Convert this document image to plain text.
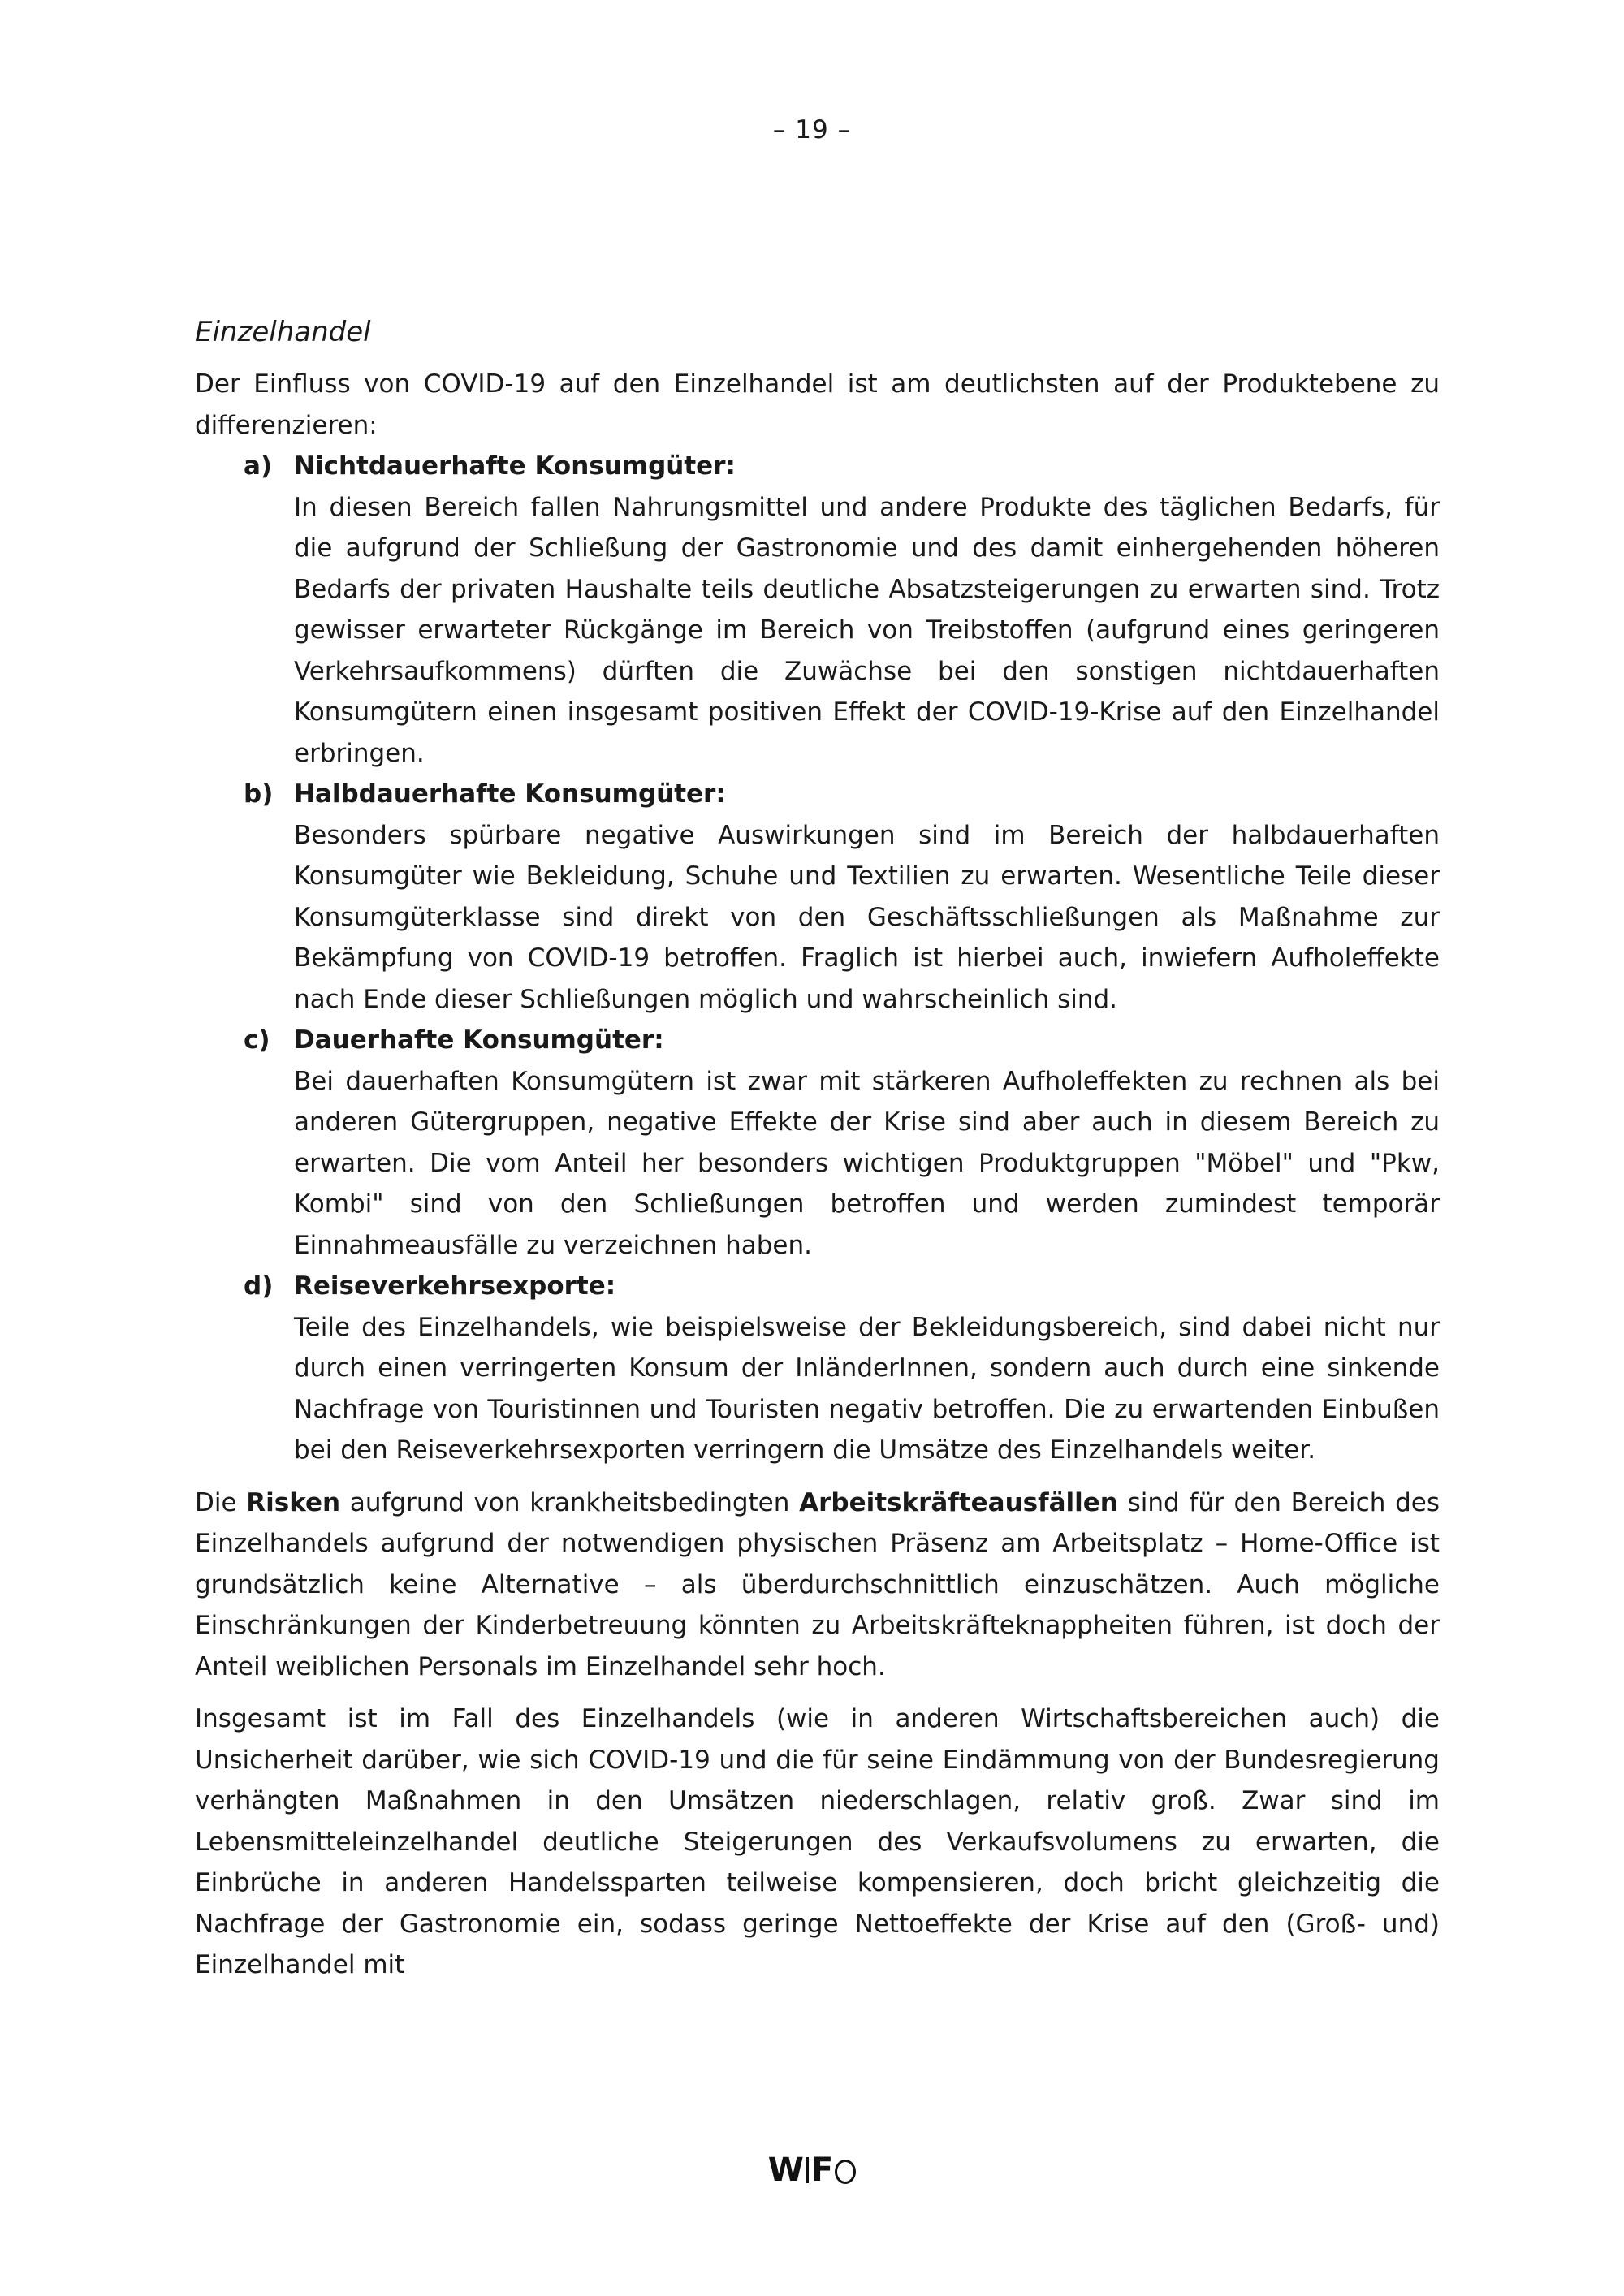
– 19 –
Einzelhandel

Der Einfluss von COVID-19 auf den Einzelhandel ist am deutlichsten auf der Produktebene zu differenzieren:

a) Nichtdauerhafte Konsumgüter:
In diesen Bereich fallen Nahrungsmittel und andere Produkte des täglichen Bedarfs, für die aufgrund der Schließung der Gastronomie und des damit einhergehenden höheren Bedarfs der privaten Haushalte teils deutliche Absatzsteigerungen zu erwarten sind. Trotz gewisser erwarteter Rückgänge im Bereich von Treibstoffen (aufgrund eines geringeren Verkehrsaufkommens) dürften die Zuwächse bei den sonstigen nichtdauerhaften Konsumgütern einen insgesamt positiven Effekt der COVID-19-Krise auf den Einzelhandel erbringen.
b) Halbdauerhafte Konsumgüter:
Besonders spürbare negative Auswirkungen sind im Bereich der halbdauerhaften Konsumgüter wie Bekleidung, Schuhe und Textilien zu erwarten. Wesentliche Teile dieser Konsumgüterklasse sind direkt von den Geschäftsschließungen als Maßnahme zur Bekämpfung von COVID-19 betroffen. Fraglich ist hierbei auch, inwiefern Aufholeffekte nach Ende dieser Schließungen möglich und wahrscheinlich sind.
c) Dauerhafte Konsumgüter:
Bei dauerhaften Konsumgütern ist zwar mit stärkeren Aufholeffekten zu rechnen als bei anderen Gütergruppen, negative Effekte der Krise sind aber auch in diesem Bereich zu erwarten. Die vom Anteil her besonders wichtigen Produktgruppen "Möbel" und "Pkw, Kombi" sind von den Schließungen betroffen und werden zumindest temporär Einnahmeausfälle zu verzeichnen haben.
d) Reiseverkehrsexporte:
Teile des Einzelhandels, wie beispielsweise der Bekleidungsbereich, sind dabei nicht nur durch einen verringerten Konsum der InländerInnen, sondern auch durch eine sinkende Nachfrage von Touristinnen und Touristen negativ betroffen. Die zu erwartenden Einbußen bei den Reiseverkehrsexporten verringern die Umsätze des Einzelhandels weiter.

Die Risken aufgrund von krankheitsbedingten Arbeitskräfteausfällen sind für den Bereich des Einzelhandels aufgrund der notwendigen physischen Präsenz am Arbeitsplatz – Home-Office ist grundsätzlich keine Alternative – als überdurchschnittlich einzuschätzen. Auch mögliche Einschränkungen der Kinderbetreuung könnten zu Arbeitskräfteknappheiten führen, ist doch der Anteil weiblichen Personals im Einzelhandel sehr hoch.

Insgesamt ist im Fall des Einzelhandels (wie in anderen Wirtschaftsbereichen auch) die Unsicherheit darüber, wie sich COVID-19 und die für seine Eindämmung von der Bundesregierung verhängten Maßnahmen in den Umsätzen niederschlagen, relativ groß. Zwar sind im Lebensmitteleinzelhandel deutliche Steigerungen des Verkaufsvolumens zu erwarten, die Einbrüche in anderen Handelssparten teilweise kompensieren, doch bricht gleichzeitig die Nachfrage der Gastronomie ein, sodass geringe Nettoeffekte der Krise auf den (Groß- und) Einzelhandel mit

W F
